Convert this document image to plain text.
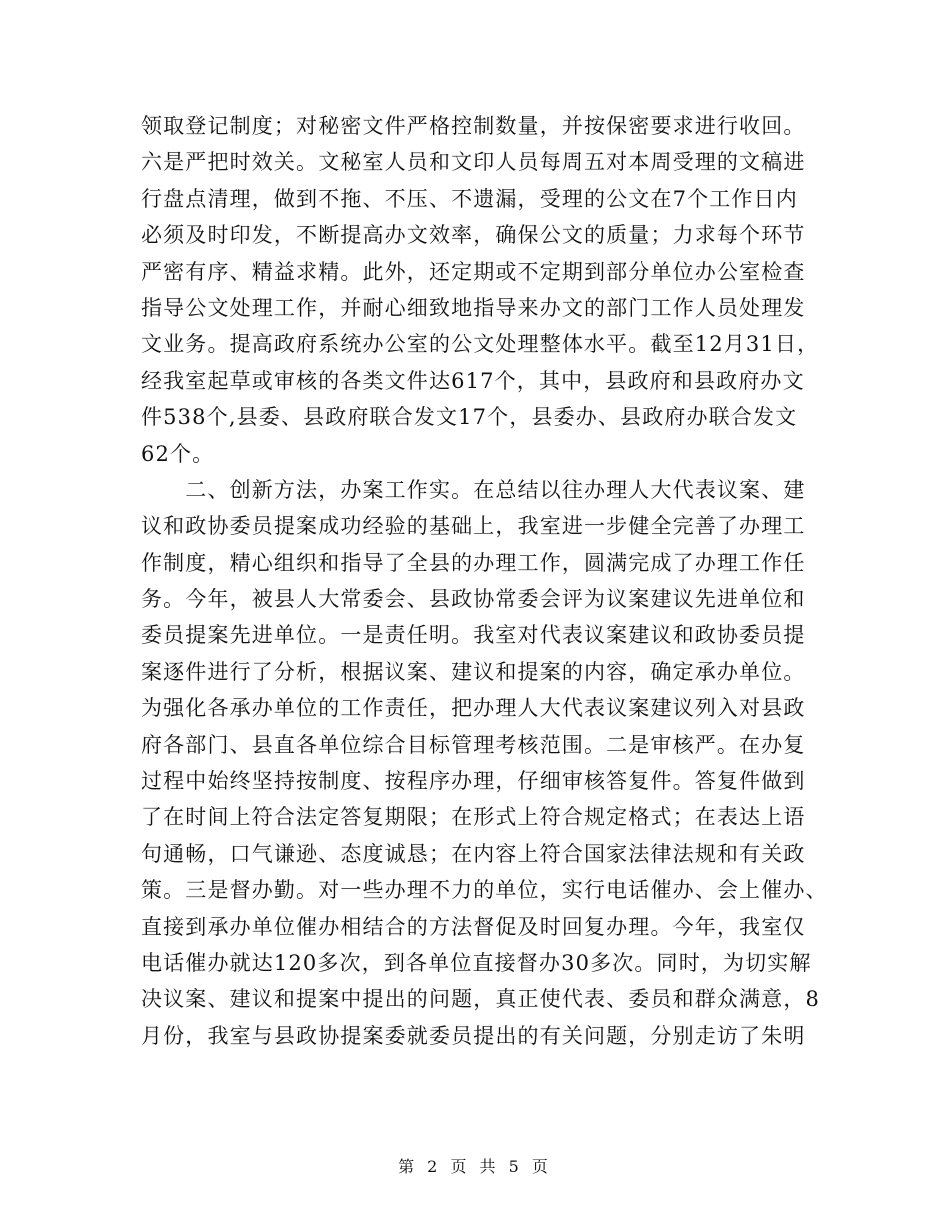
领取登记制度；对秘密文件严格控制数量，并按保密要求进行收回。
六是严把时效关。文秘室人员和文印人员每周五对本周受理的文稿进
行盘点清理，做到不拖、不压、不遗漏，受理的公文在7个工作日内
必须及时印发，不断提高办文效率，确保公文的质量；力求每个环节
严密有序、精益求精。此外，还定期或不定期到部分单位办公室检查
指导公文处理工作，并耐心细致地指导来办文的部门工作人员处理发
文业务。提高政府系统办公室的公文处理整体水平。截至12月31日，
经我室起草或审核的各类文件达617个，其中，县政府和县政府办文
件538个,县委、县政府联合发文17个，县委办、县政府办联合发文
62个。
　　二、创新方法，办案工作实。在总结以往办理人大代表议案、建
议和政协委员提案成功经验的基础上，我室进一步健全完善了办理工
作制度，精心组织和指导了全县的办理工作，圆满完成了办理工作任
务。今年，被县人大常委会、县政协常委会评为议案建议先进单位和
委员提案先进单位。一是责任明。我室对代表议案建议和政协委员提
案逐件进行了分析，根据议案、建议和提案的内容，确定承办单位。
为强化各承办单位的工作责任，把办理人大代表议案建议列入对县政
府各部门、县直各单位综合目标管理考核范围。二是审核严。在办复
过程中始终坚持按制度、按程序办理，仔细审核答复件。答复件做到
了在时间上符合法定答复期限；在形式上符合规定格式；在表达上语
句通畅，口气谦逊、态度诚恳；在内容上符合国家法律法规和有关政
策。三是督办勤。对一些办理不力的单位，实行电话催办、会上催办、
直接到承办单位催办相结合的方法督促及时回复办理。今年，我室仅
电话催办就达120多次，到各单位直接督办30多次。同时，为切实解
决议案、建议和提案中提出的问题，真正使代表、委员和群众满意，8
月份，我室与县政协提案委就委员提出的有关问题，分别走访了朱明
第 2 页 共 5 页
